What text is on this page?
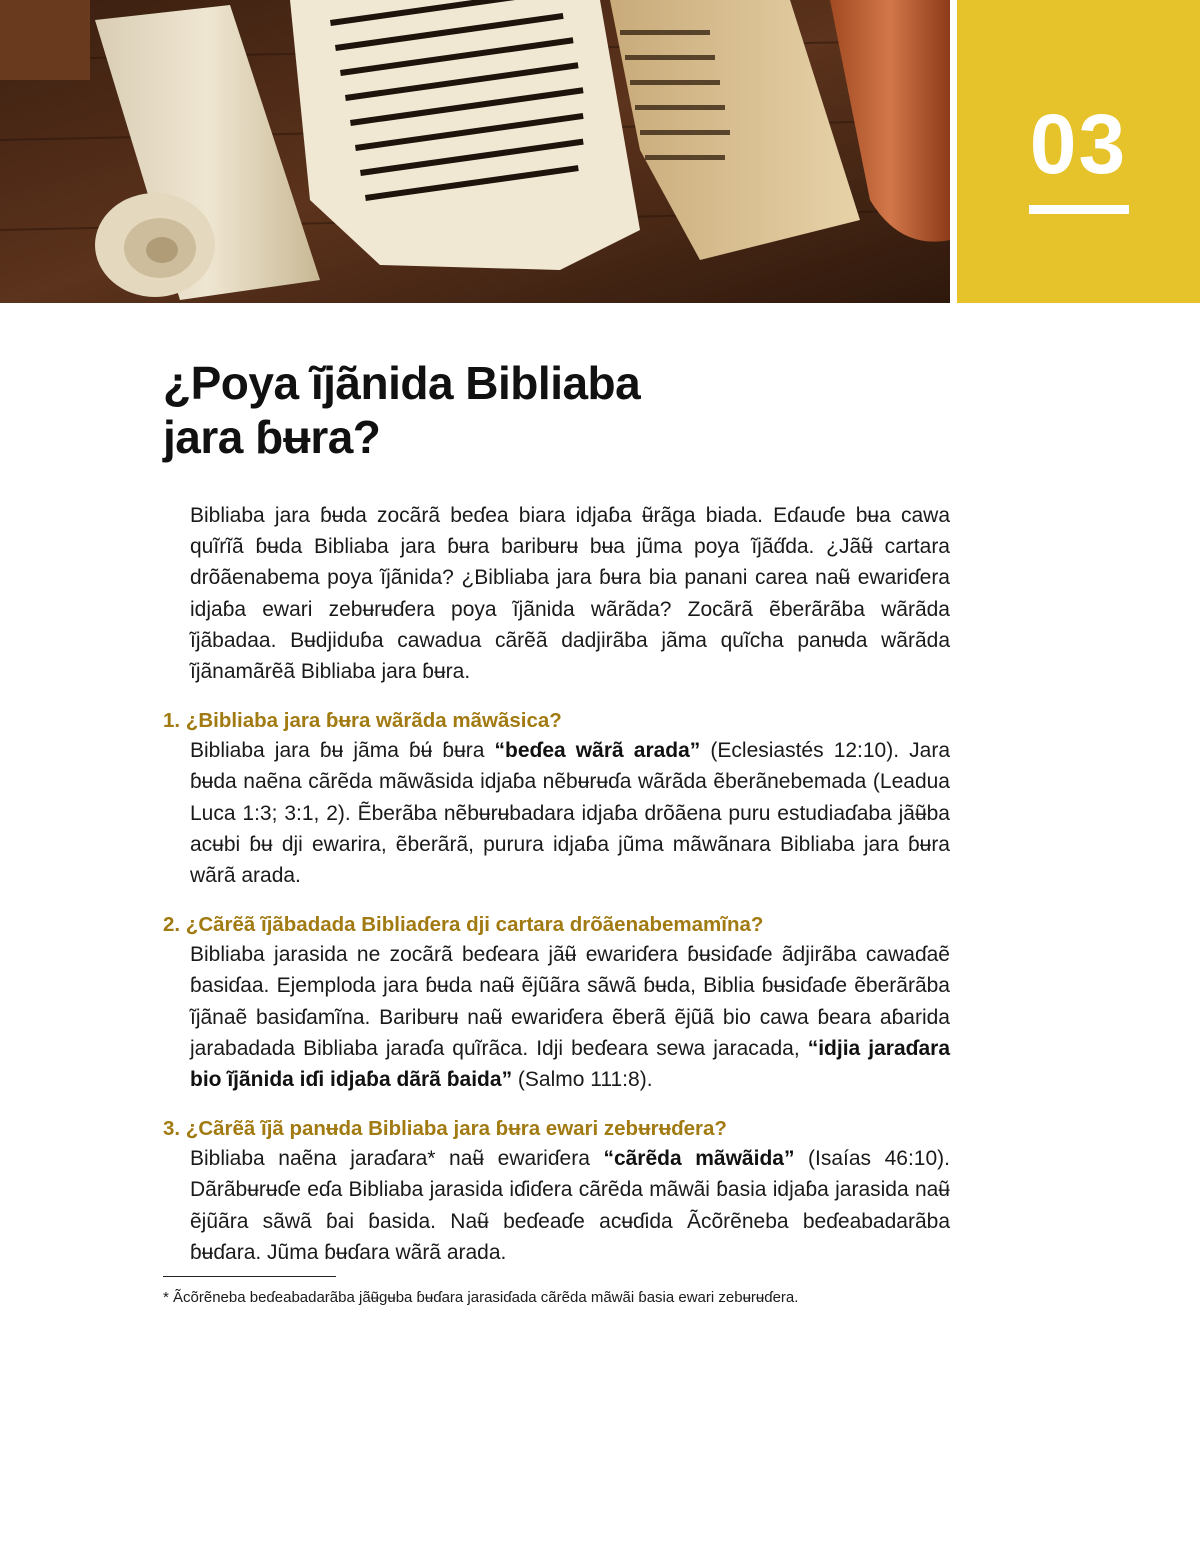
03
¿Poya ĩjãnida Bibliaba
jara ɓʉra?

Bibliaba jara ɓʉda zocãrã beɗea biara idjaɓa ʉ̃rãga biada. Eɗauɗe bʉa cawa quĩrĩã ɓʉda Bibliaba jara ɓʉra baribʉrʉ bʉa jũma poya ĩjãɗ́da. ¿Jãʉ̃ cartara drõãenabema poya ĩjãnida? ¿Bibliaba jara ɓʉra bia panani carea naʉ̃ ewariɗera idjaɓa ewari zebʉrʉɗera poya ĩjãnida wãrãda? Zocãrã ẽberãrãba wãrãda ĩjãbadaa. Bʉdjiduɓa cawadua cãrẽã dadjirãba jãma quĩcha panʉda wãrãda ĩjãnamãrẽã Bibliaba jara ɓʉra.

1. ¿Bibliaba jara ɓʉra wãrãda mãwãsica?

Bibliaba jara ɓʉ jãma ɓʉ́ ɓʉra “beɗea wãrã arada” (Eclesiastés 12:10). Jara ɓʉda naẽna cãrẽda mãwãsida idjaɓa nẽbʉrʉɗa wãrãda ẽberãnebemada (Leadua Luca 1:3; 3:1, 2). Ẽberãba nẽbʉrʉbadara idjaɓa drõãena puru estudiaɗaba jãʉ̃ba acʉbi ɓʉ dji ewarira, ẽberãrã, purura idjaɓa jũma mãwãnara Bibliaba jara ɓʉra wãrã arada.

2. ¿Cãrẽã ĩjãbadada Bibliaɗera dji cartara drõãenabemamĩna?

Bibliaba jarasida ne zocãrã beɗeara jãʉ̃ ewariɗera ɓʉsiɗaɗe ãdjirãba cawaɗaẽ ɓasiɗaa. Ejemploda jara ɓʉda naʉ̃ ẽjũãra sãwã ɓʉda, Biblia ɓʉsiɗaɗe ẽberãrãba ĩjãnaẽ basiɗamĩna. Baribʉrʉ naʉ̃ ewariɗera ẽberã ẽjũã bio cawa ɓeara aɓarida jarabadada Bibliaba jaraɗa quĩrãca. Idji beɗeara sewa jaracada, “idjia jaraɗara bio ĩjãnida iɗi idjaɓa dãrã ɓaida” (Salmo 111:8).

3. ¿Cãrẽã ĩjã panʉda Bibliaba jara ɓʉra ewari zebʉrʉɗera?

Bibliaba naẽna jaraɗara* naʉ̃ ewariɗera “cãrẽda mãwãida” (Isaías 46:10). Dãrãbʉrʉɗe eɗa Bibliaba jarasida iɗiɗera cãrẽda mãwãi ɓasia idjaɓa jarasida naʉ̃ ẽjũãra sãwã ɓai ɓasida. Naʉ̃ beɗeaɗe acʉɗida Ãcõrẽneba beɗeabadarãba ɓʉɗara. Jũma ɓʉɗara wãrã arada.

* Ãcõrẽneba beɗeabadarãba jãʉ̃gʉba ɓʉɗara jarasiɗada cãrẽda mãwãi ɓasia ewari zebʉrʉɗera.
